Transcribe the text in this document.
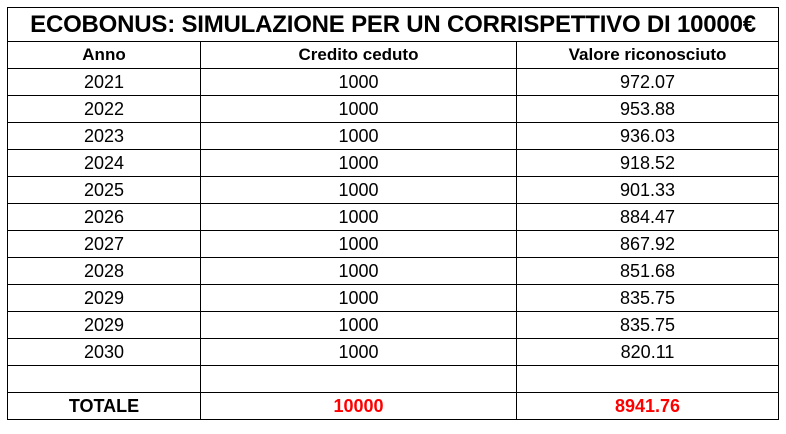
ECOBONUS: SIMULAZIONE PER UN CORRISPETTIVO DI 10000€		
Anno	Credito ceduto	Valore riconosciuto
2021	1000	972.07
2022	1000	953.88
2023	1000	936.03
2024	1000	918.52
2025	1000	901.33
2026	1000	884.47
2027	1000	867.92
2028	1000	851.68
2029	1000	835.75
2029	1000	835.75
2030	1000	820.11

TOTALE	10000	8941.76
